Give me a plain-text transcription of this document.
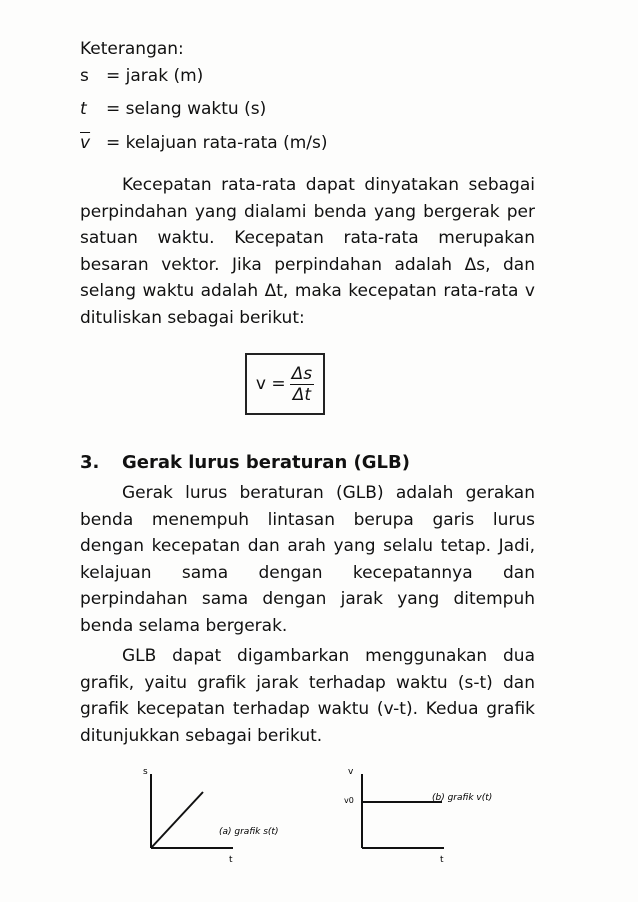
Keterangan:
s = jarak (m)
t = selang waktu (s)
$\overline{v}$ = kelajuan rata-rata (m/s)

Kecepatan rata-rata dapat dinyatakan sebagai perpindahan yang dialami benda yang bergerak per satuan waktu. Kecepatan rata-rata merupakan besaran vektor. Jika perpindahan adalah Δs, dan selang waktu adalah Δt, maka kecepatan rata-rata v dituliskan sebagai berikut:

$v = \frac{\Delta s}{\Delta t}$
3. Gerak lurus beraturan (GLB)

Gerak lurus beraturan (GLB) adalah gerakan benda menempuh lintasan berupa garis lurus dengan kecepatan dan arah yang selalu tetap. Jadi, kelajuan sama dengan kecepatannya dan perpindahan sama dengan jarak yang ditempuh benda selama bergerak.

GLB dapat digambarkan menggunakan dua grafik, yaitu grafik jarak terhadap waktu (s-t) dan grafik kecepatan terhadap waktu (v-t). Kedua grafik ditunjukkan sebagai berikut.

s
t
(a) grafik s(t)
v
v0
t
(b) grafik v(t)
